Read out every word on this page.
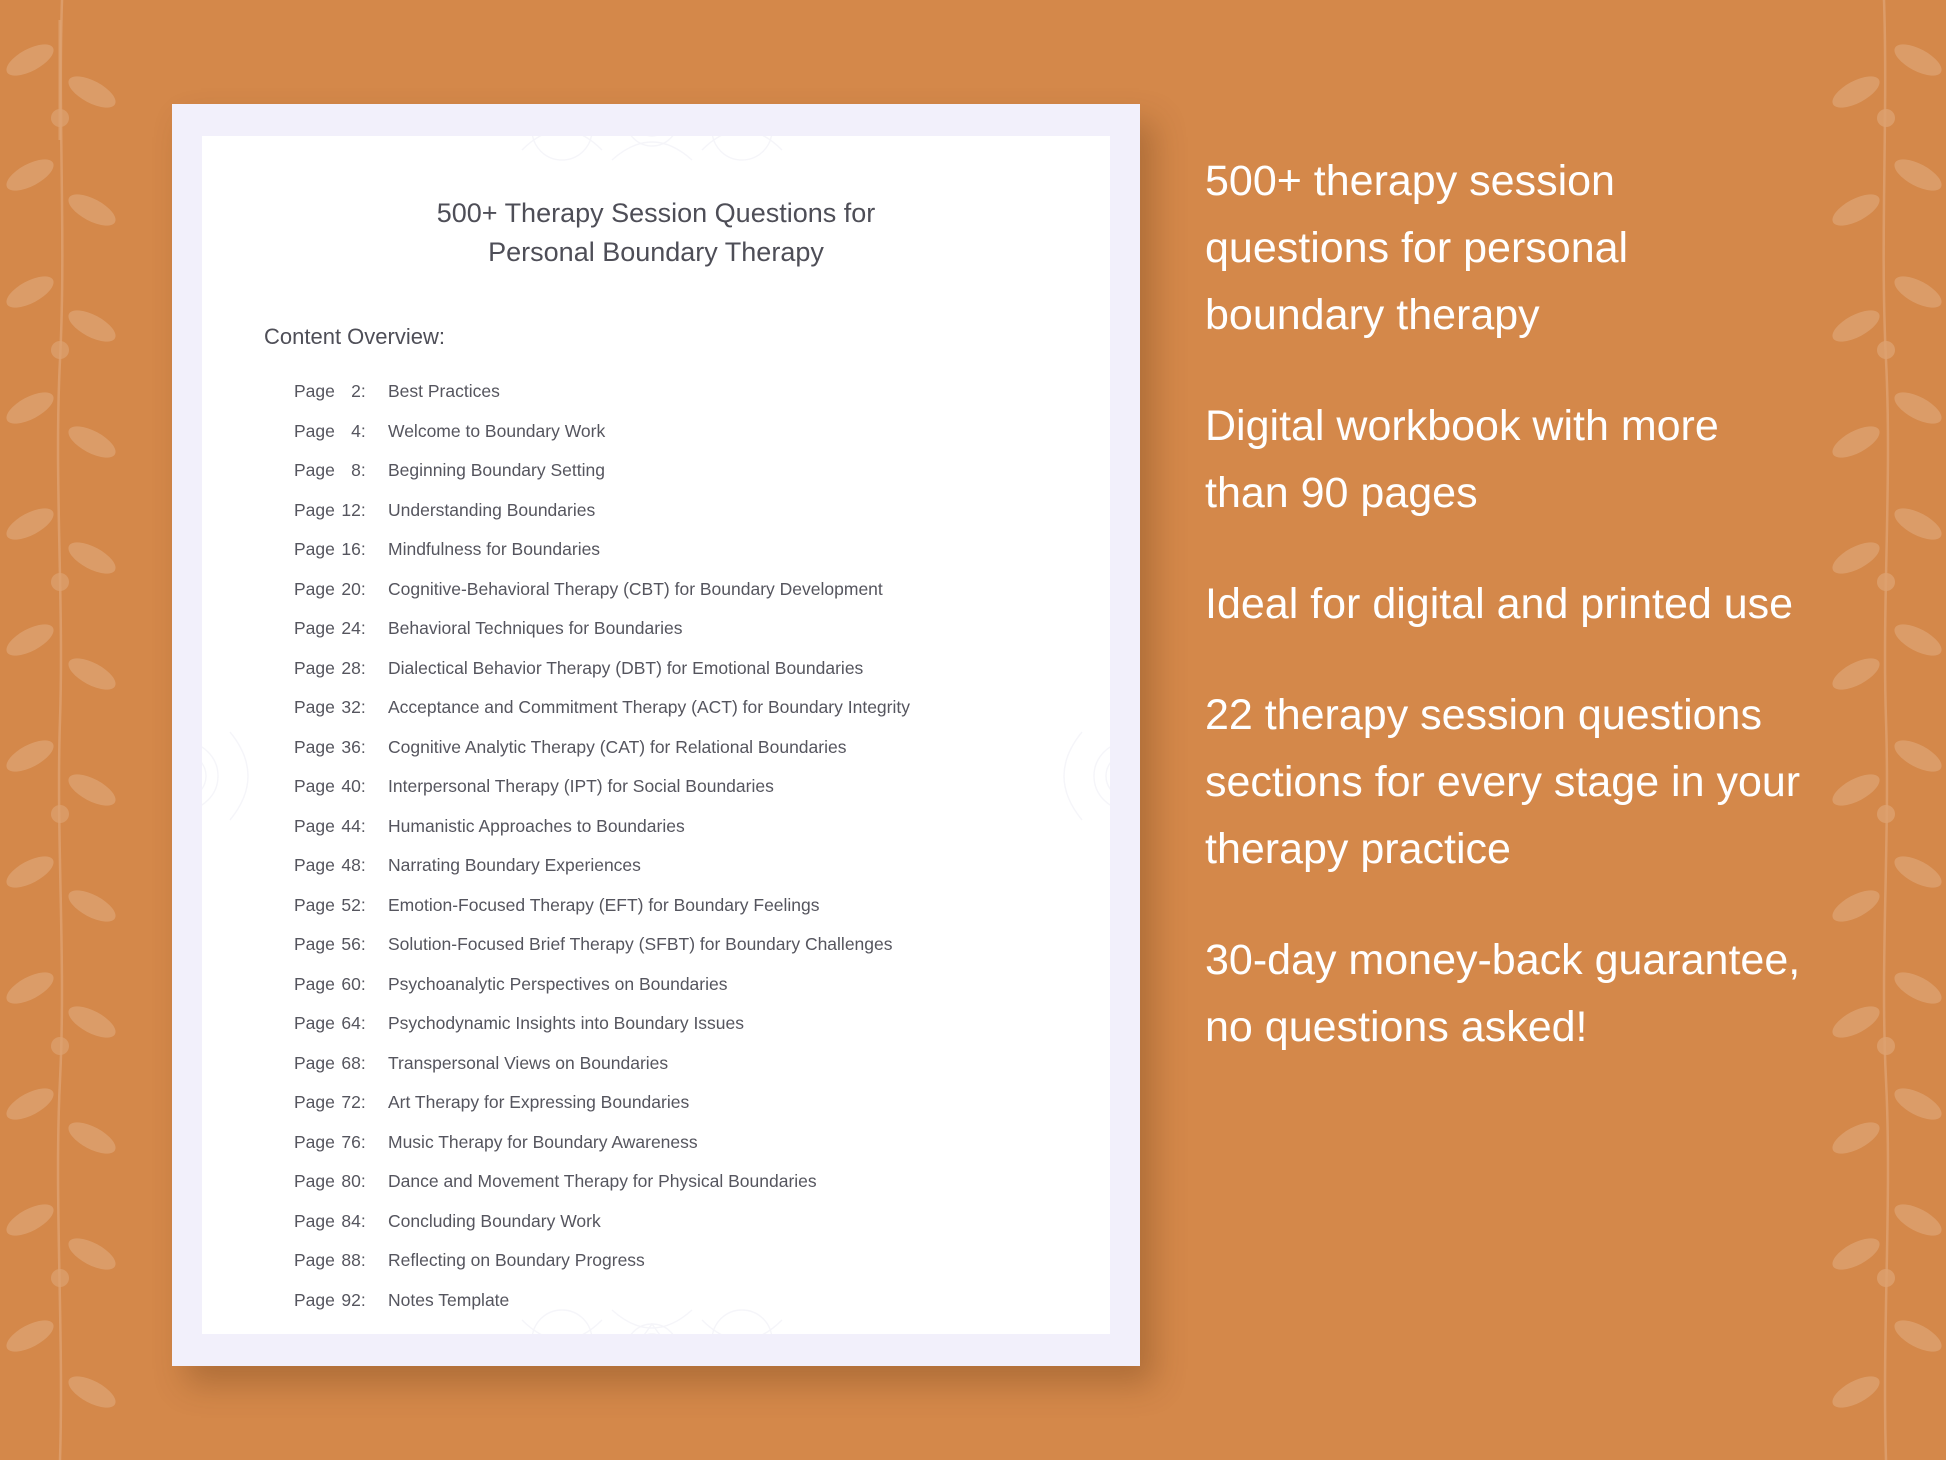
500+ Therapy Session Questions for
Personal Boundary Therapy
Content Overview:
Page 2:	Best Practices
Page 4:	Welcome to Boundary Work
Page 8:	Beginning Boundary Setting
Page 12:	Understanding Boundaries
Page 16:	Mindfulness for Boundaries
Page 20:	Cognitive-Behavioral Therapy (CBT) for Boundary Development
Page 24:	Behavioral Techniques for Boundaries
Page 28:	Dialectical Behavior Therapy (DBT) for Emotional Boundaries
Page 32:	Acceptance and Commitment Therapy (ACT) for Boundary Integrity
Page 36:	Cognitive Analytic Therapy (CAT) for Relational Boundaries
Page 40:	Interpersonal Therapy (IPT) for Social Boundaries
Page 44:	Humanistic Approaches to Boundaries
Page 48:	Narrating Boundary Experiences
Page 52:	Emotion-Focused Therapy (EFT) for Boundary Feelings
Page 56:	Solution-Focused Brief Therapy (SFBT) for Boundary Challenges
Page 60:	Psychoanalytic Perspectives on Boundaries
Page 64:	Psychodynamic Insights into Boundary Issues
Page 68:	Transpersonal Views on Boundaries
Page 72:	Art Therapy for Expressing Boundaries
Page 76:	Music Therapy for Boundary Awareness
Page 80:	Dance and Movement Therapy for Physical Boundaries
Page 84:	Concluding Boundary Work
Page 88:	Reflecting on Boundary Progress
Page 92:	Notes Template

500+ therapy session questions for personal boundary therapy

Digital workbook with more than 90 pages

Ideal for digital and printed use

22 therapy session questions sections for every stage in your therapy practice

30-day money-back guarantee, no questions asked!
